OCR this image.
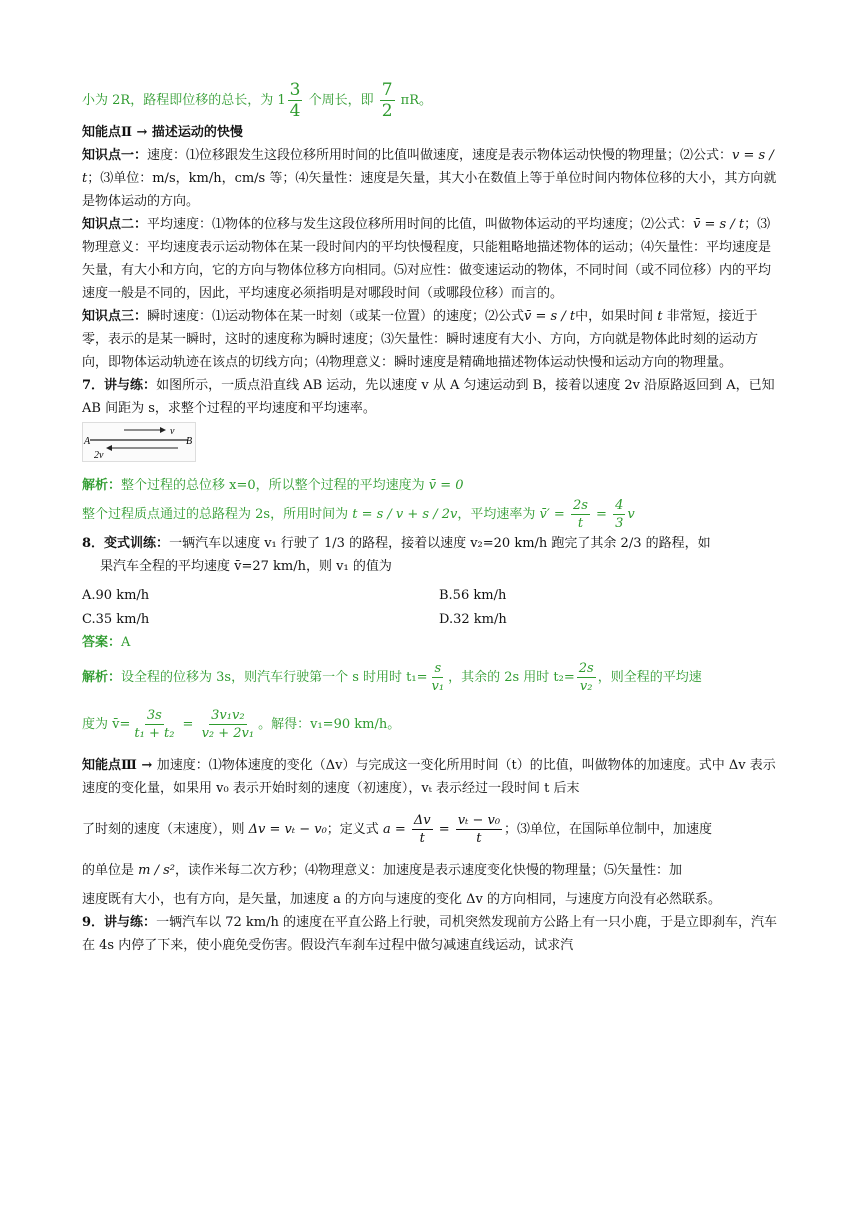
小为 2R，路程即位移的总长，为 $1 \frac{3}{4}$ 个周长，即 $\frac{7}{2}$ πR。

知能点Ⅱ → 描述运动的快慢

知识点一：速度：⑴位移跟发生这段位移所用时间的比值叫做速度，速度是表示物体运动快慢的物理量；⑵公式：v = s / t；⑶单位：m/s，km/h，cm/s 等；⑷矢量性：速度是矢量，其大小在数值上等于单位时间内物体位移的大小，其方向就是物体运动的方向。

知识点二：平均速度：⑴物体的位移与发生这段位移所用时间的比值，叫做物体运动的平均速度；⑵公式：v̄ = s / t；⑶物理意义：平均速度表示运动物体在某一段时间内的平均快慢程度，只能粗略地描述物体的运动；⑷矢量性：平均速度是矢量，有大小和方向，它的方向与物体位移方向相同。⑸对应性：做变速运动的物体，不同时间（或不同位移）内的平均速度一般是不同的，因此，平均速度必须指明是对哪段时间（或哪段位移）而言的。

知识点三：瞬时速度：⑴运动物体在某一时刻（或某一位置）的速度；⑵公式v̄ = s / t中，如果时间 t 非常短，接近于零，表示的是某一瞬时，这时的速度称为瞬时速度；⑶矢量性：瞬时速度有大小、方向，方向就是物体此时刻的运动方向，即物体运动轨迹在该点的切线方向；⑷物理意义：瞬时速度是精确地描述物体运动快慢和运动方向的物理量。

7．讲与练：如图所示，一质点沿直线 AB 运动，先以速度 v 从 A 匀速运动到 B，接着以速度 2v 沿原路返回到 A，已知 AB 间距为 s，求整个过程的平均速度和平均速率。

v
A	B
2v

解析：整个过程的总位移 x=0，所以整个过程的平均速度为 v̄ = 0

整个过程质点通过的总路程为 2s，所用时间为 t = s / v + s / 2v，平均速率为 v̄′ = $\frac{2s}{t} = \frac{4}{3}$ v

8．变式训练：一辆汽车以速度 v₁ 行驶了 1/3 的路程，接着以速度 v₂=20 km/h 跑完了其余 2/3 的路程，如

果汽车全程的平均速度 v̄=27 km/h，则 v₁ 的值为

A.90 km/h	B.56 km/h
C.35 km/h	D.32 km/h

答案：A

解析：设全程的位移为 3s，则汽车行驶第一个 s 时用时 $t_1= \frac{s}{\text{v₁}}$ ，其余的 2s 用时 $t_2= \frac{2s}{\text{v₂}}$ ，则全程的平均速

度为 v̄= $\frac{3s}{\text{t₁ + t₂}} = \frac{\text{3v₁v₂}}{\text{v₂ + 2v₁}}$ 。解得：v₁=90 km/h。

知能点Ⅲ → 加速度：⑴物体速度的变化（Δv）与完成这一变化所用时间（t）的比值，叫做物体的加速度。式中 Δv 表示速度的变化量，如果用 v₀ 表示开始时刻的速度（初速度），vₜ 表示经过一段时间 t 后末

了时刻的速度（末速度），则 Δv = vₜ − v₀；定义式 $a = \frac{\Delta v}{t} = \frac{\text{vₜ − v₀}}{t}$ ；⑶单位，在国际单位制中，加速度

的单位是 m / s²，读作米每二次方秒；⑷物理意义：加速度是表示速度变化快慢的物理量；⑸矢量性：加

速度既有大小，也有方向，是矢量，加速度 a 的方向与速度的变化 Δv 的方向相同，与速度方向没有必然联系。

9．讲与练：一辆汽车以 72 km/h 的速度在平直公路上行驶，司机突然发现前方公路上有一只小鹿，于是立即刹车，汽车在 4s 内停了下来，使小鹿免受伤害。假设汽车刹车过程中做匀减速直线运动，试求汽
